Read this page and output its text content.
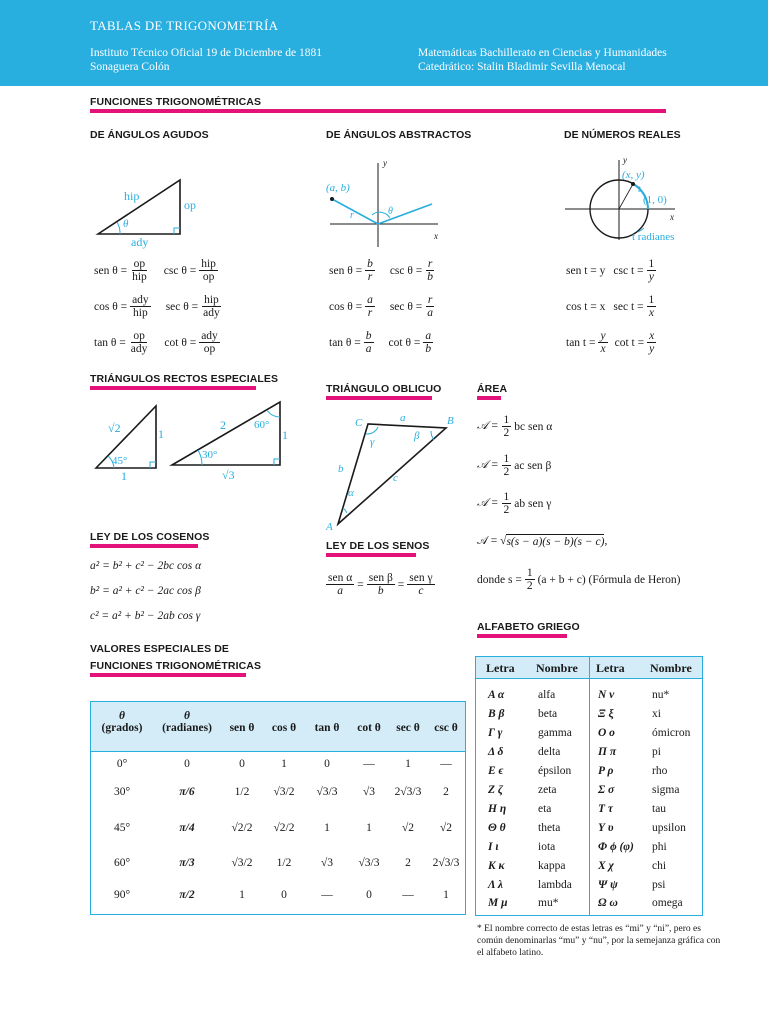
TABLAS DE TRIGONOMETRÍA
Instituto Técnico Oficial 19 de Diciembre de 1881
Sonaguera Colón
Matemáticas Bachillerato en Ciencias y Humanidades
Catedrático: Stalin Bladimir Sevilla Menocal
FUNCIONES TRIGONOMÉTRICAS
DE ÁNGULOS AGUDOS	DE ÁNGULOS ABSTRACTOS	DE NÚMEROS REALES
hip
op
ady
θ
sen $\theta = \frac{op}{\text{hip}}$ $\csc \theta = \frac{\text{hip}}{op}$
$\cos \theta = \frac{\text{ady}}{\text{hip}}$ $\sec \theta = \frac{\text{hip}}{\text{ady}}$
$\tan \theta = \frac{op}{\text{ady}}$ $\cot \theta = \frac{\text{ady}}{op}$
(a, b)
r	θ
x
y
sen $\theta = \frac{b}{r}$ $\csc \theta = \frac{r}{b}$
$\cos \theta = \frac{a}{r}$ $\sec \theta = \frac{r}{a}$
$\tan \theta = \frac{b}{a}$ $\cot \theta = \frac{a}{b}$
(x, y)
t
(1, 0)
x
y
t radianes
sen t = y $\csc t = \frac{1}{y}$
cos t = x $\sec t = \frac{1}{x}$
$\tan t = \frac{y}{x}$ $\cot t = \frac{x}{y}$
TRIÁNGULOS RECTOS ESPECIALES
√2	1
1
45°
2
1
√3
60°
30°
TRIÁNGULO OBLICUO
A
B
C	a
b
c
α
β
γ
ÁREA
𝒜 = $\frac{1}{2}$ bc sen α
𝒜 = $\frac{1}{2}$ ac sen β
𝒜 = $\frac{1}{2}$ ab sen γ
𝒜 = √ s(s − a)(s − b)(s − c) ,
donde $s = \frac{1}{2} (a + b + c)$ (Fórmula de Heron)
LEY DE LOS COSENOS
a² = b² + c² − 2bc cos α
b² = a² + c² − 2ac cos β
c² = a² + b² − 2ab cos γ
LEY DE LOS SENOS
$\frac{\text{sen α}}{a} = \frac{\text{sen β}}{b} = \frac{\text{sen γ}}{c}$
VALORES ESPECIALES DE
FUNCIONES TRIGONOMÉTRICAS
θ
(grados)
θ
(radianes)	sen θ	cos θ	tan θ	cot θ	sec θ	csc θ
0°	0	0	1	0	—	1	—
30°	π/6	1/2	√3/2	√3/3	√3	2√3/3	2
45°	π/4	√2/2	√2/2	1	1	√2	√2
60°	π/3	√3/2	1/2	√3	√3/3	2	2√3/3
90°	π/2	1	0	—	0	—	1
ALFABETO GRIEGO
Letra Nombre Letra Nombre
Α α	alfa	Ν ν	nu*
Β β	beta	Ξ ξ	xi
Γ γ	gamma Ο ο	ómicron
Δ δ	delta	Π π	pi
Ε ϵ	épsilon Ρ ρ	rho
Ζ ζ	zeta	Σ σ	sigma
Η η	eta	Τ τ	tau
Θ θ	theta	Υ υ	upsilon
Ι ι	iota	Φ ϕ (φ) phi
Κ κ	kappa	Χ χ	chi
Λ λ	lambda Ψ ψ	psi
Μ μ	mu*	Ω ω	omega
* El nombre correcto de estas letras es “mi” y “ni”, pero es común denominarlas “mu” y “nu”, por la semejanza gráfica con el alfabeto latino.
